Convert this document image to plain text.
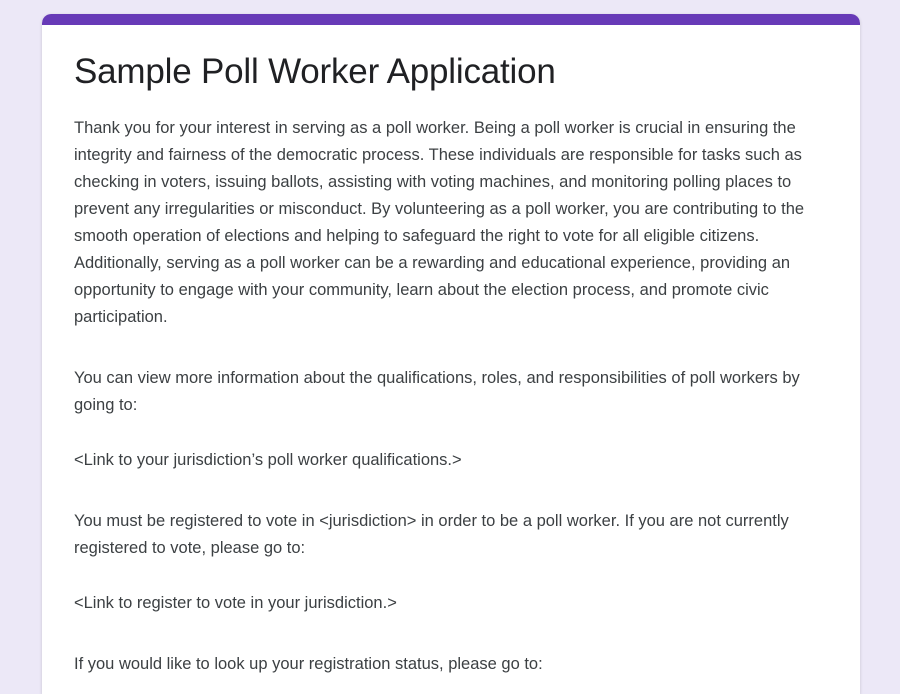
Sample Poll Worker Application

Thank you for your interest in serving as a poll worker. Being a poll worker is crucial in ensuring the integrity and fairness of the democratic process. These individuals are responsible for tasks such as checking in voters, issuing ballots, assisting with voting machines, and monitoring polling places to prevent any irregularities or misconduct. By volunteering as a poll worker, you are contributing to the smooth operation of elections and helping to safeguard the right to vote for all eligible citizens. Additionally, serving as a poll worker can be a rewarding and educational experience, providing an opportunity to engage with your community, learn about the election process, and promote civic participation.

You can view more information about the qualifications, roles, and responsibilities of poll workers by going to:

<Link to your jurisdiction’s poll worker qualifications.>

You must be registered to vote in <jurisdiction> in order to be a poll worker. If you are not currently registered to vote, please go to:

<Link to register to vote in your jurisdiction.>

If you would like to look up your registration status, please go to:
